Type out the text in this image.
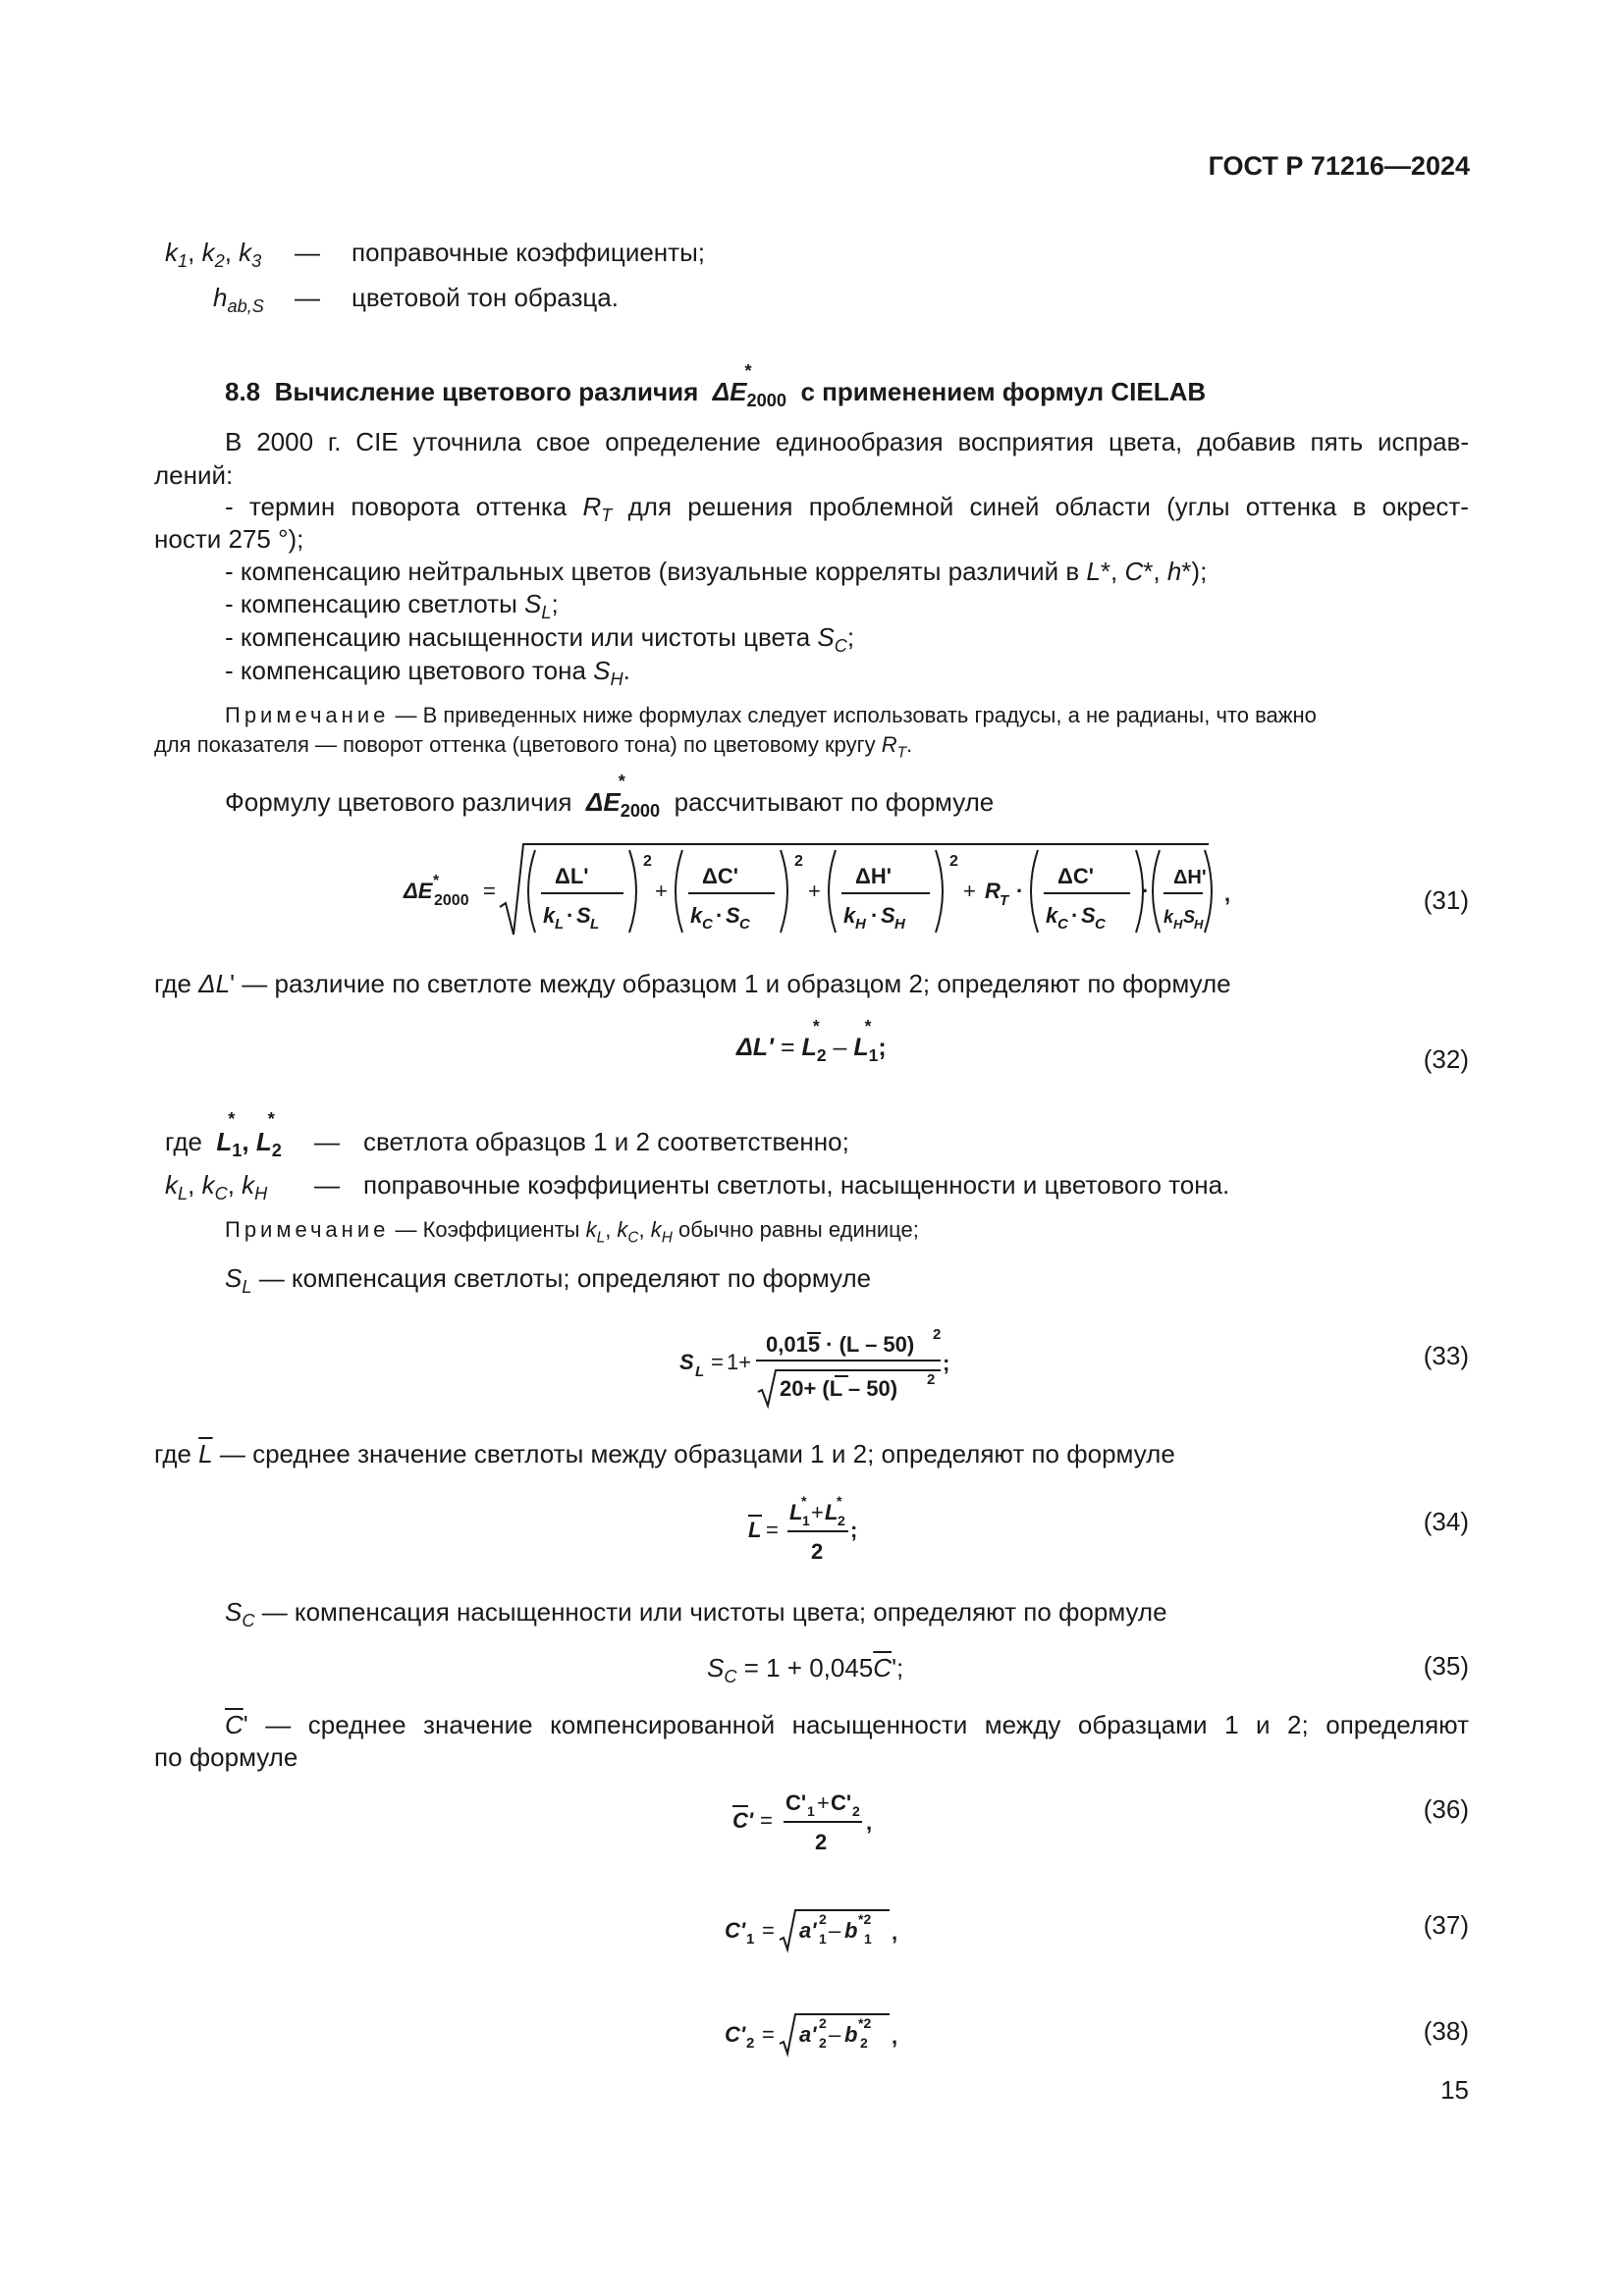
ГОСТ Р 71216—2024
$k_1$, $k_2$, $k_3$ — поправочные коэффициенты;
$h_{ab,S}$ — цветовой тон образца.
8.8 Вычисление цветового различия ΔE
*
$_{2000}$ с применением формул CIELAB
В 2000 г. CIE уточнила свое определение единообразия восприятия цвета, добавив пять исправ-
лений:
- термин поворота оттенка $R_T$ для решения проблемной синей области (углы оттенка в окрест-
ности 275 °);
- компенсацию нейтральных цветов (визуальные корреляты различий в L*, C*, h*);
- компенсацию светлоты $S_L$;
- компенсацию насыщенности или чистоты цвета $S_C$;
- компенсацию цветового тона $S_H$.
Примечание — В приведенных ниже формулах следует использовать градусы, а не радианы, что важно
для показателя — поворот оттенка (цветового тона) по цветовому кругу $R_T$.
Формулу цветового различия ΔE
*
$_{2000}$ рассчитывают по формуле
ΔE *
2000 =
ΔL'
k L · S L
2
+
ΔC'
k C · S C
2
+
ΔH'
k H · S H
2
+ R T ·
ΔC'
k C · S C
·
ΔH'
k H S
H
,	(31)
где ΔL' — различие по светлоте между образцом 1 и образцом 2; определяют по формуле
ΔL' = L
*
$_2$ – L
*
$_1$;	(32)
где L
*
$_1$, L
*
$_2$ — светлота образцов 1 и 2 соответственно;
$k_L$, $k_C$, $k_H$ — поправочные коэффициенты светлоты, насыщенности и цветового тона.
Примечание — Коэффициенты $k_L$, $k_C$, $k_H$ обычно равны единице;
$S_L$ — компенсация светлоты; определяют по формуле
S L = 1+
0,015 · (L – 50) 2
20+ (L – 50) 2
;	(33)
где $\overline{L}$ — среднее значение светлоты между образцами 1 и 2; определяют по формуле
L =
L
*
1 + L
*
2
2
;	(34)
$S_C$ — компенсация насыщенности или чистоты цвета; определяют по формуле
$S_C = 1 + 0,045\overline{C}'$;	(35)
$\overline{C}'$ — среднее значение компенсированной насыщенности между образцами 1 и 2; определяют
по формуле
C' =
C' 1 + C' 2
2
,	(36)
C' 1 = a' 2
1 – b *2
1 ,	(37)
C' 2 = a' 2
2 – b *2
2 ,	(38)
15
